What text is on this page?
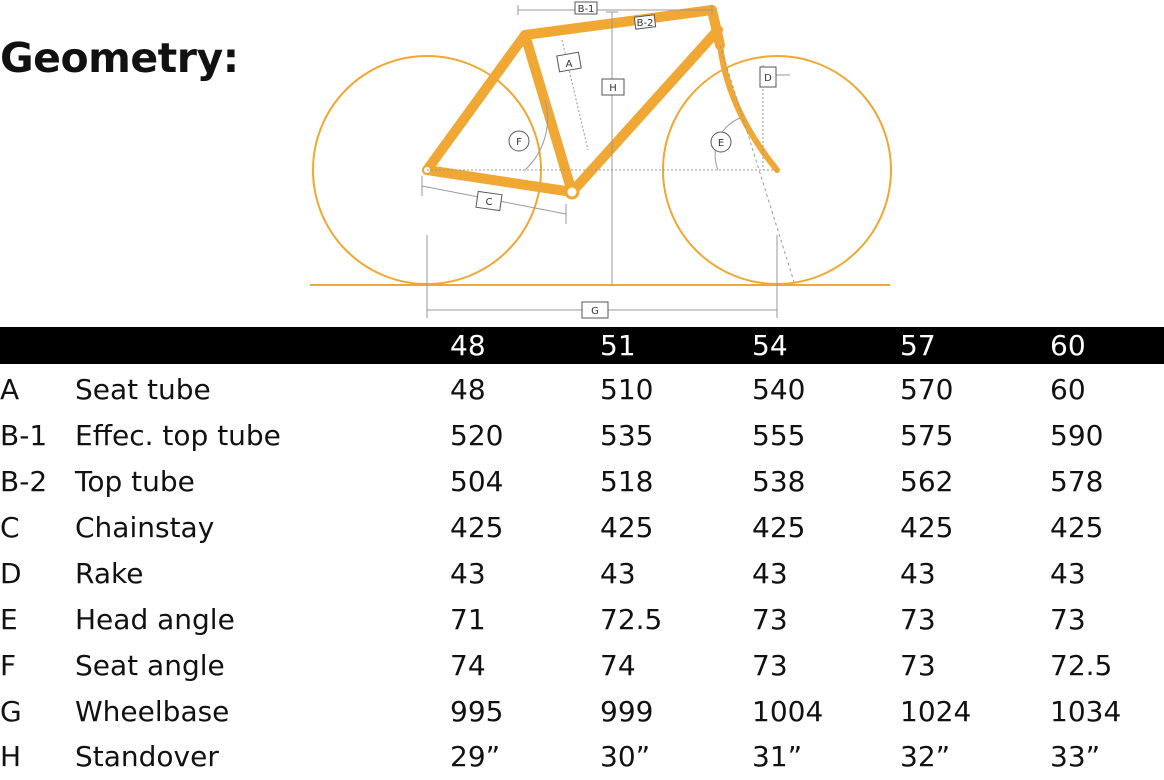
Geometry:
B-1
B-2
A
H
D
C
G
F	E
48	51	54	57	60
A Seat tube	48	510	540	570	60
B-1 Effec. top tube	520	535	555	575	590
B-2 Top tube	504	518	538	562	578
C Chainstay	425	425	425	425	425
D Rake	43	43	43	43	43
E Head angle	71	72.5	73	73	73
F Seat angle	74	74	73	73	72.5
G Wheelbase	995	999	1004	1024	1034
H Standover	29”	30”	31”	32”	33”
